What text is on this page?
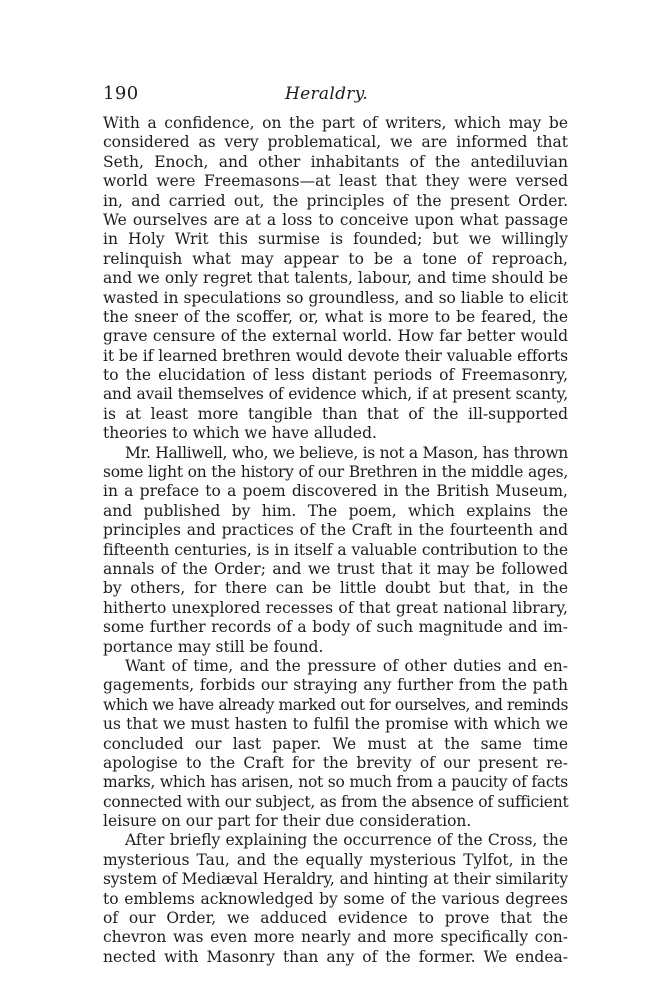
190	Heraldry.
With a confidence, on the part of writers, which may be
considered as very problematical, we are informed that
Seth, Enoch, and other inhabitants of the antediluvian
world were Freemasons—at least that they were versed
in, and carried out, the principles of the present Order.
We ourselves are at a loss to conceive upon what passage
in Holy Writ this surmise is founded; but we willingly
relinquish what may appear to be a tone of reproach,
and we only regret that talents, labour, and time should be
wasted in speculations so groundless, and so liable to elicit
the sneer of the scoffer, or, what is more to be feared, the
grave censure of the external world. How far better would
it be if learned brethren would devote their valuable efforts
to the elucidation of less distant periods of Freemasonry,
and avail themselves of evidence which, if at present scanty,
is at least more tangible than that of the ill-supported
theories to which we have alluded.
Mr. Halliwell, who, we believe, is not a Mason, has thrown
some light on the history of our Brethren in the middle ages,
in a preface to a poem discovered in the British Museum,
and published by him. The poem, which explains the
principles and practices of the Craft in the fourteenth and
fifteenth centuries, is in itself a valuable contribution to the
annals of the Order; and we trust that it may be followed
by others, for there can be little doubt but that, in the
hitherto unexplored recesses of that great national library,
some further records of a body of such magnitude and im-
portance may still be found.
Want of time, and the pressure of other duties and en-
gagements, forbids our straying any further from the path
which we have already marked out for ourselves, and reminds
us that we must hasten to fulfil the promise with which we
concluded our last paper. We must at the same time
apologise to the Craft for the brevity of our present re-
marks, which has arisen, not so much from a paucity of facts
connected with our subject, as from the absence of sufficient
leisure on our part for their due consideration.
After briefly explaining the occurrence of the Cross, the
mysterious Tau, and the equally mysterious Tylfot, in the
system of Mediæval Heraldry, and hinting at their similarity
to emblems acknowledged by some of the various degrees
of our Order, we adduced evidence to prove that the
chevron was even more nearly and more specifically con-
nected with Masonry than any of the former. We endea-
